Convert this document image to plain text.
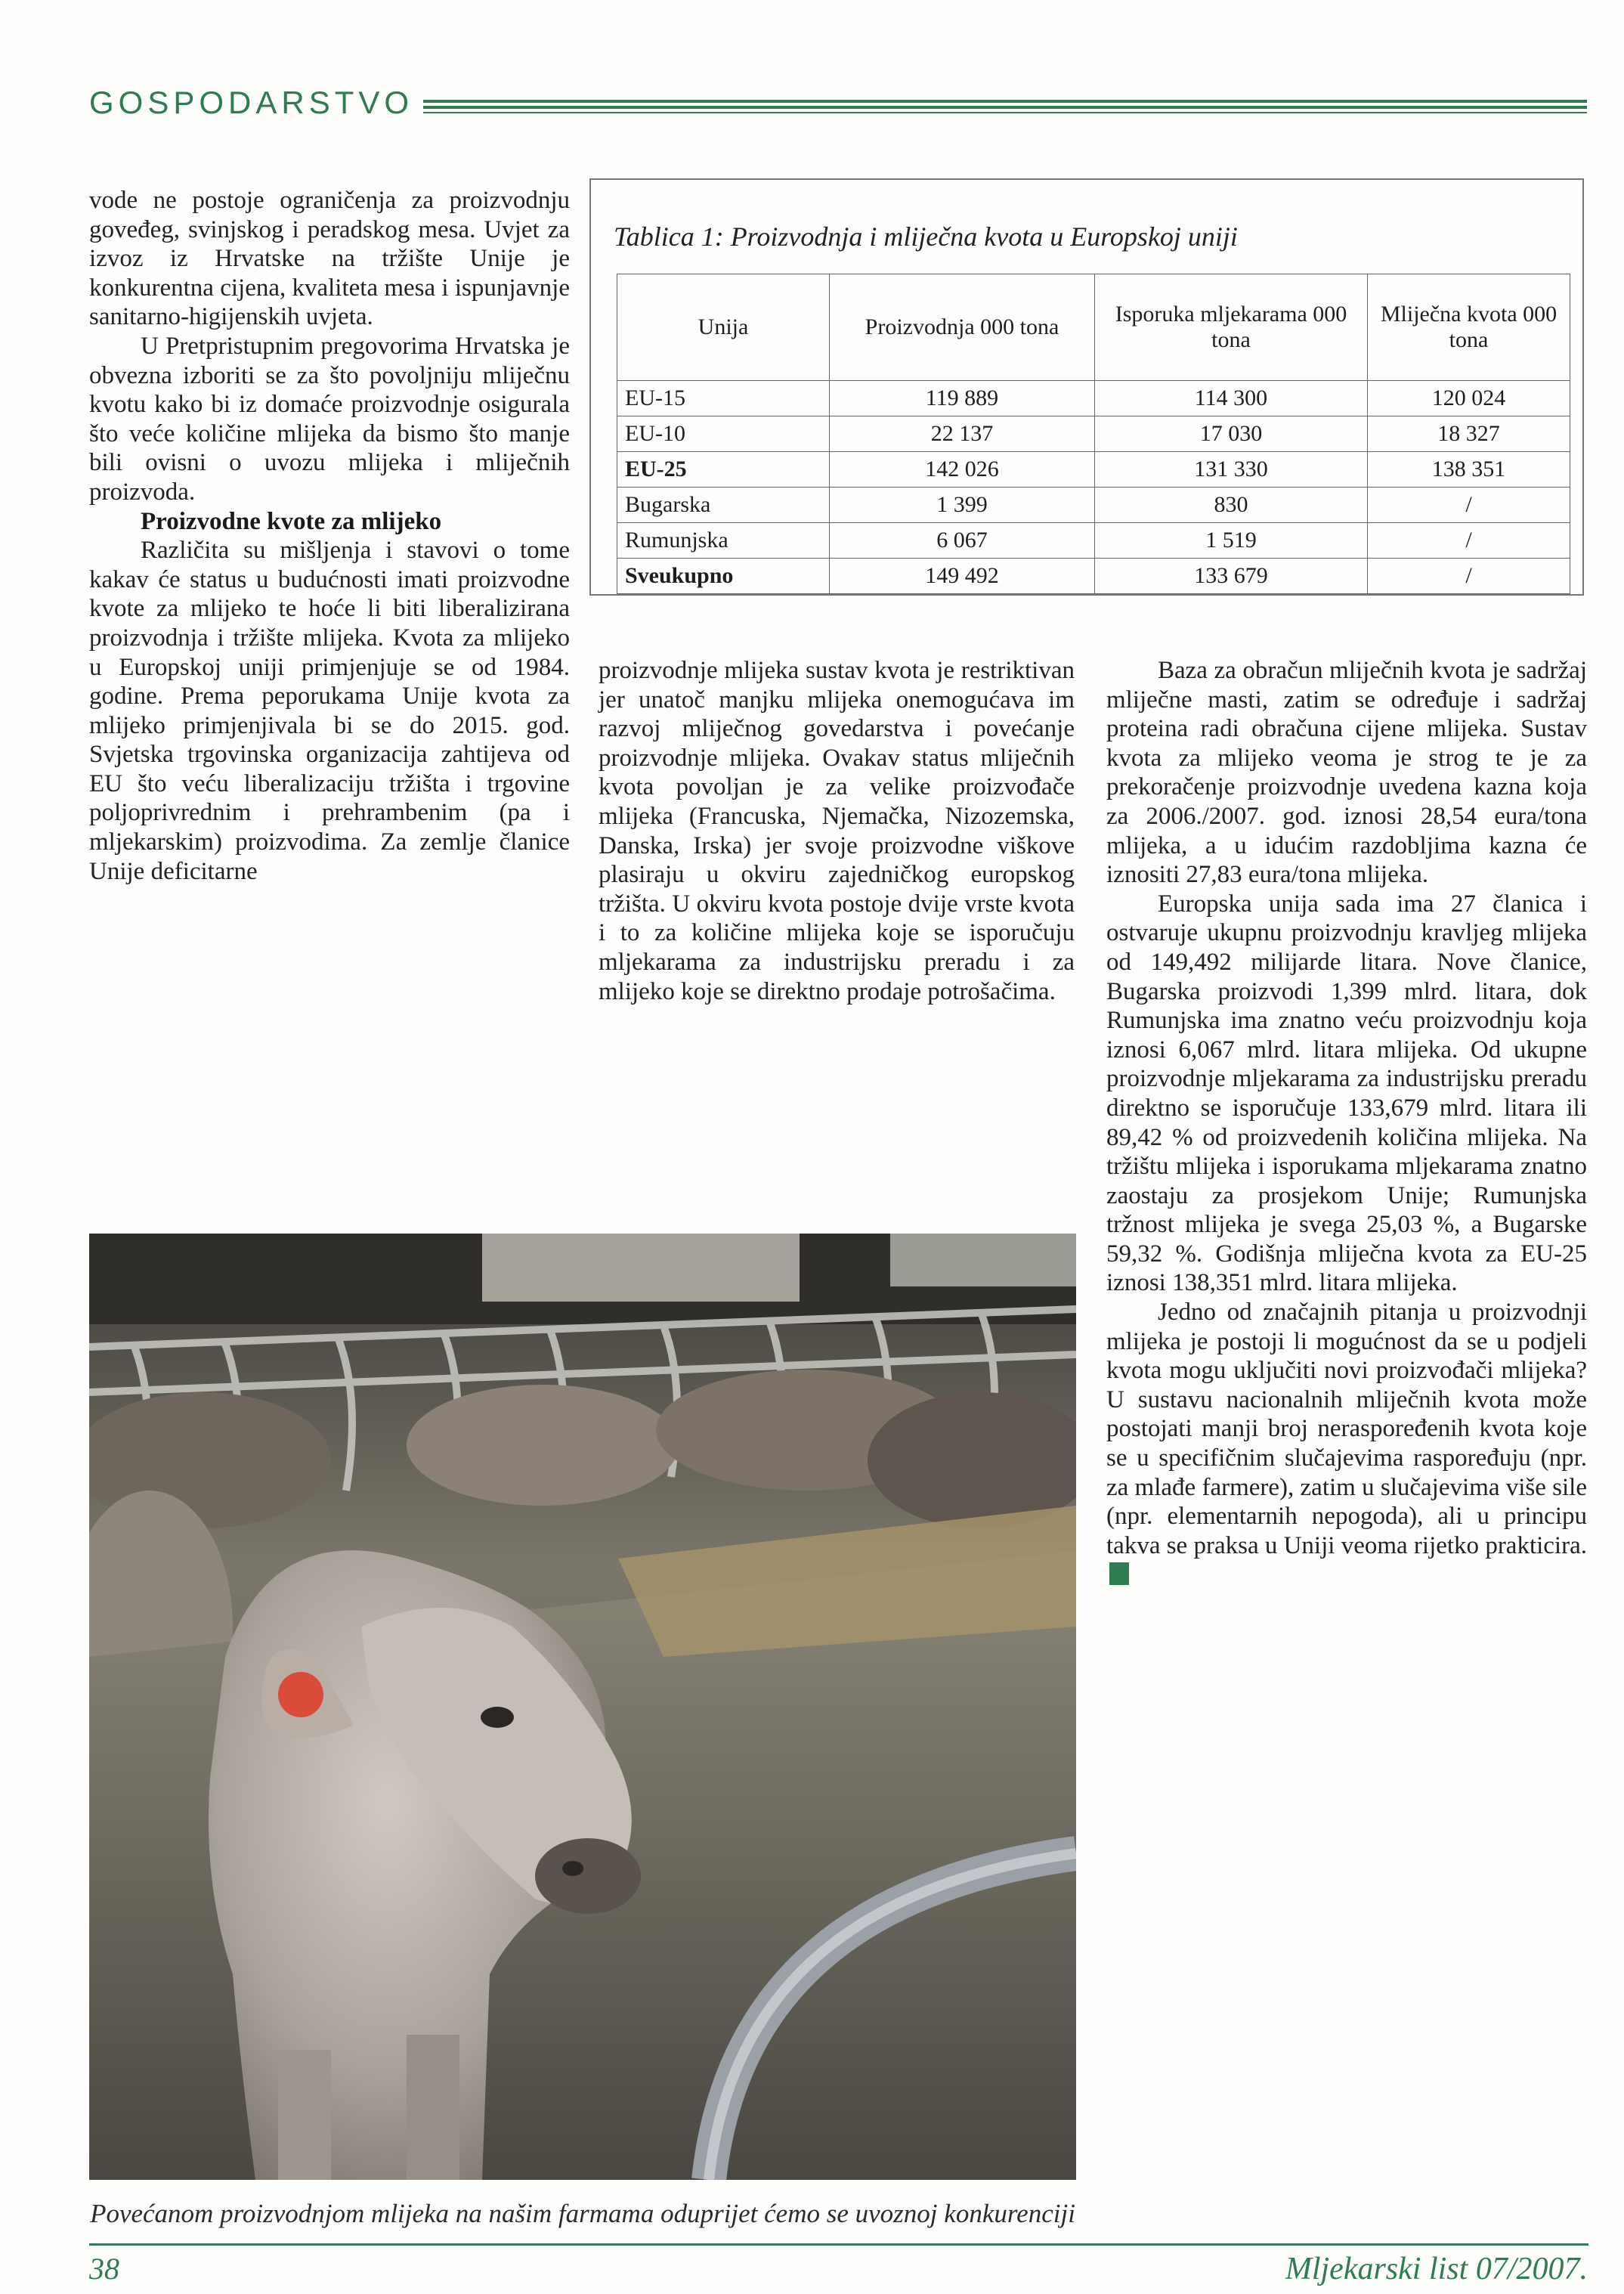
GOSPODARSTVO

vode ne postoje ograničenja za proizvodnju goveđeg, svinjskog i peradskog mesa. Uvjet za izvoz iz Hrvatske na tržište Unije je konkurentna cijena, kvaliteta mesa i ispunjavnje sanitarno-higijenskih uvjeta.

U Pretpristupnim pregovorima Hrvatska je obvezna izboriti se za što povoljniju mliječnu kvotu kako bi iz domaće proizvodnje osigurala što veće količine mlijeka da bismo što manje bili ovisni o uvozu mlijeka i mliječnih proizvoda.

Proizvodne kvote za mlijeko

Različita su mišljenja i stavovi o tome kakav će status u budućnosti imati proizvodne kvote za mlijeko te hoće li biti liberalizirana proizvodnja i tržište mlijeka. Kvota za mlijeko u Europskoj uniji primjenjuje se od 1984. godine. Prema peporukama Unije kvota za mlijeko primjenjivala bi se do 2015. god. Svjetska trgovinska organizacija zahtijeva od EU što veću liberalizaciju tržišta i trgovine poljoprivrednim i prehrambenim (pa i mljekarskim) proizvodima. Za zemlje članice Unije deficitarne

Tablica 1: Proizvodnja i mliječna kvota u Europskoj uniji
Unija	Proizvodnja 000 tona	Isporuka mljekarama 000 tona	Mliječna kvota 000 tona
EU-15	119 889	114 300	120 024
EU-10	22 137	17 030	18 327
EU-25	142 026	131 330	138 351
Bugarska	1 399	830	/
Rumunjska	6 067	1 519	/
Sveukupno	149 492	133 679	/

proizvodnje mlijeka sustav kvota je restriktivan jer unatoč manjku mlijeka onemogućava im razvoj mliječnog govedarstva i povećanje proizvodnje mlijeka. Ovakav status mliječnih kvota povoljan je za velike proizvođače mlijeka (Francuska, Njemačka, Nizozemska, Danska, Irska) jer svoje proizvodne viškove plasiraju u okviru zajedničkog europskog tržišta. U okviru kvota postoje dvije vrste kvota i to za količine mlijeka koje se isporučuju mljekarama za industrijsku preradu i za mlijeko koje se direktno prodaje potrošačima.

Baza za obračun mliječnih kvota je sadržaj mliječne masti, zatim se određuje i sadržaj proteina radi obračuna cijene mlijeka. Sustav kvota za mlijeko veoma je strog te je za prekoračenje proizvodnje uvedena kazna koja za 2006./2007. god. iznosi 28,54 eura/tona mlijeka, a u idućim razdobljima kazna će iznositi 27,83 eura/tona mlijeka.

Europska unija sada ima 27 članica i ostvaruje ukupnu proizvodnju kravljeg mlijeka od 149,492 milijarde litara. Nove članice, Bugarska proizvodi 1,399 mlrd. litara, dok Rumunjska ima znatno veću proizvodnju koja iznosi 6,067 mlrd. litara mlijeka. Od ukupne proizvodnje mljekarama za industrijsku preradu direktno se isporučuje 133,679 mlrd. litara ili 89,42 % od proizvedenih količina mlijeka. Na tržištu mlijeka i isporukama mljekarama znatno zaostaju za prosjekom Unije; Rumunjska tržnost mlijeka je svega 25,03 %, a Bugarske 59,32 %. Godišnja mliječna kvota za EU-25 iznosi 138,351 mlrd. litara mlijeka.

Jedno od značajnih pitanja u proizvodnji mlijeka je postoji li mogućnost da se u podjeli kvota mogu uključiti novi proizvođači mlijeka? U sustavu nacionalnih mliječnih kvota može postojati manji broj neraspoređenih kvota koje se u specifičnim slučajevima raspoređuju (npr. za mlađe farmere), zatim u slučajevima više sile (npr. elementarnih nepogoda), ali u principu takva se praksa u Uniji veoma rijetko prakticira.

Povećanom proizvodnjom mlijeka na našim farmama oduprijet ćemo se uvoznoj konkurenciji
38	Mljekarski list 07/2007.
